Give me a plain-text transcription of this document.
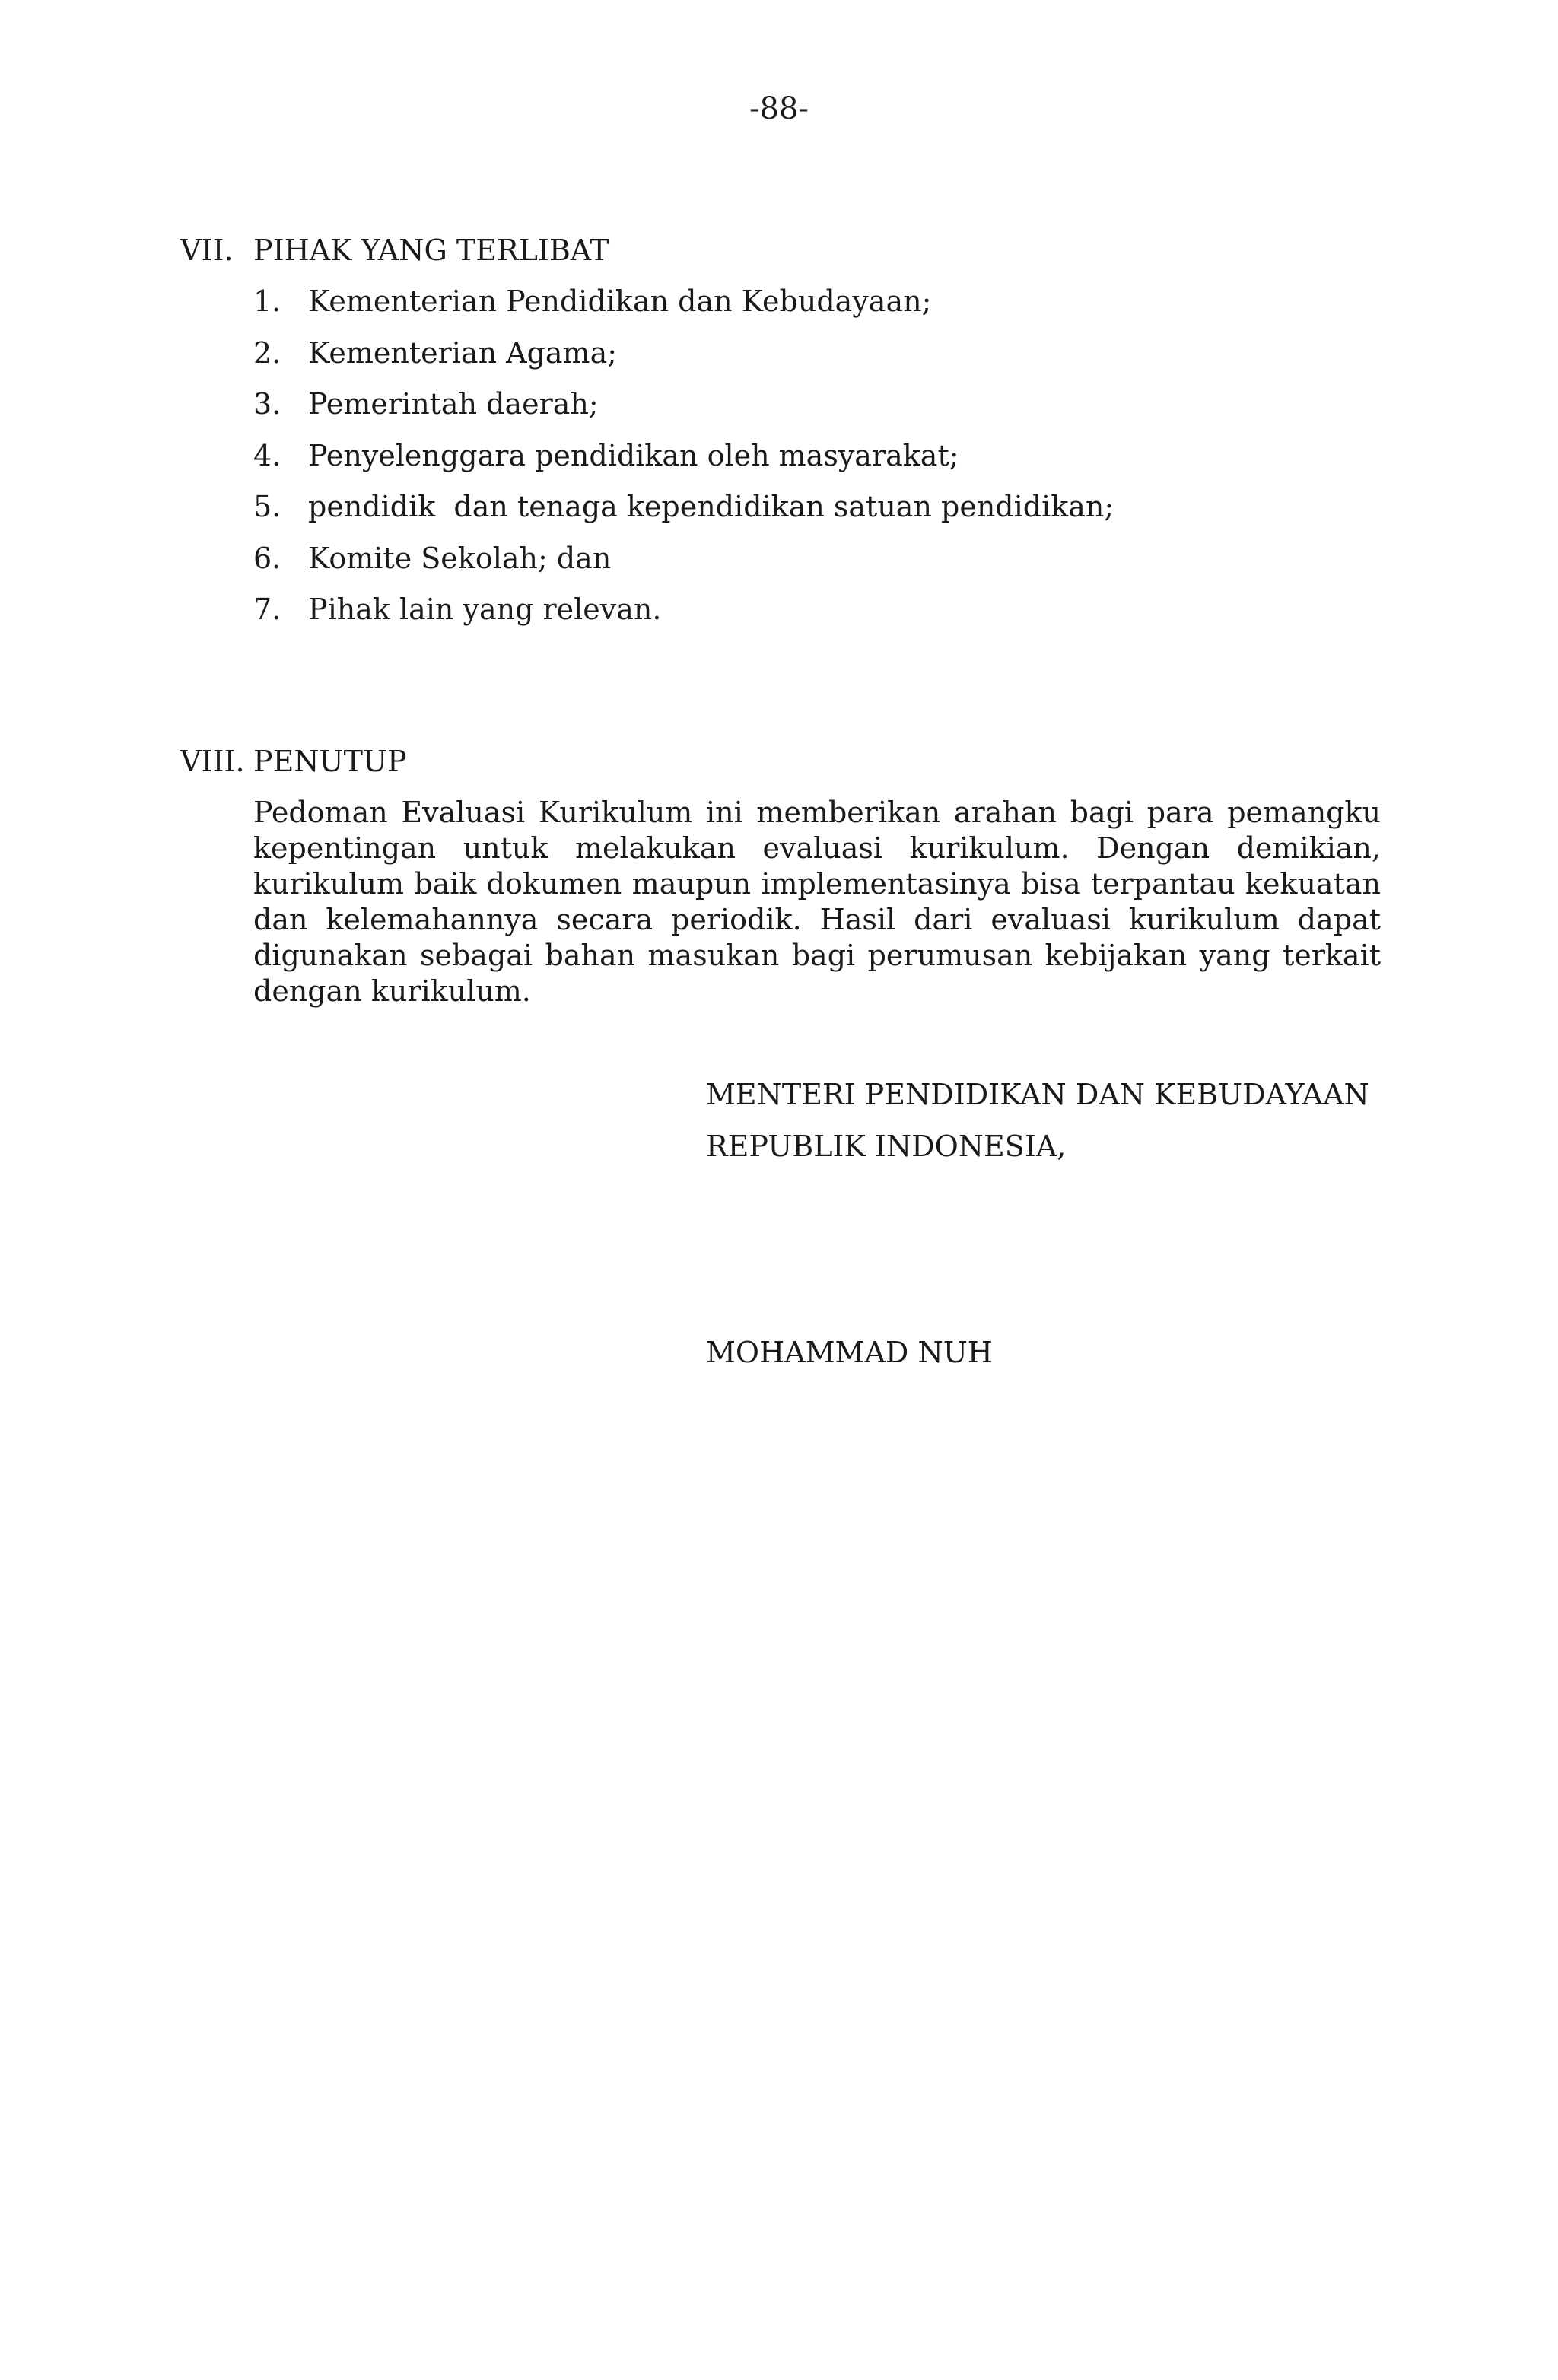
-88-
VII. PIHAK YANG TERLIBAT
1. Kementerian Pendidikan dan Kebudayaan;
2. Kementerian Agama;
3. Pemerintah daerah;
4. Penyelenggara pendidikan oleh masyarakat;
5. pendidik  dan tenaga kependidikan satuan pendidikan;
6. Komite Sekolah; dan
7. Pihak lain yang relevan.
VIII. PENUTUP

Pedoman Evaluasi Kurikulum ini memberikan arahan bagi para pemangku kepentingan untuk melakukan evaluasi kurikulum. Dengan demikian, kurikulum baik dokumen maupun implementasinya bisa terpantau kekuatan dan kelemahannya secara periodik. Hasil dari evaluasi kurikulum dapat digunakan sebagai bahan masukan bagi perumusan kebijakan yang terkait dengan kurikulum.

MENTERI PENDIDIKAN DAN KEBUDAYAAN
REPUBLIK INDONESIA,
MOHAMMAD NUH
